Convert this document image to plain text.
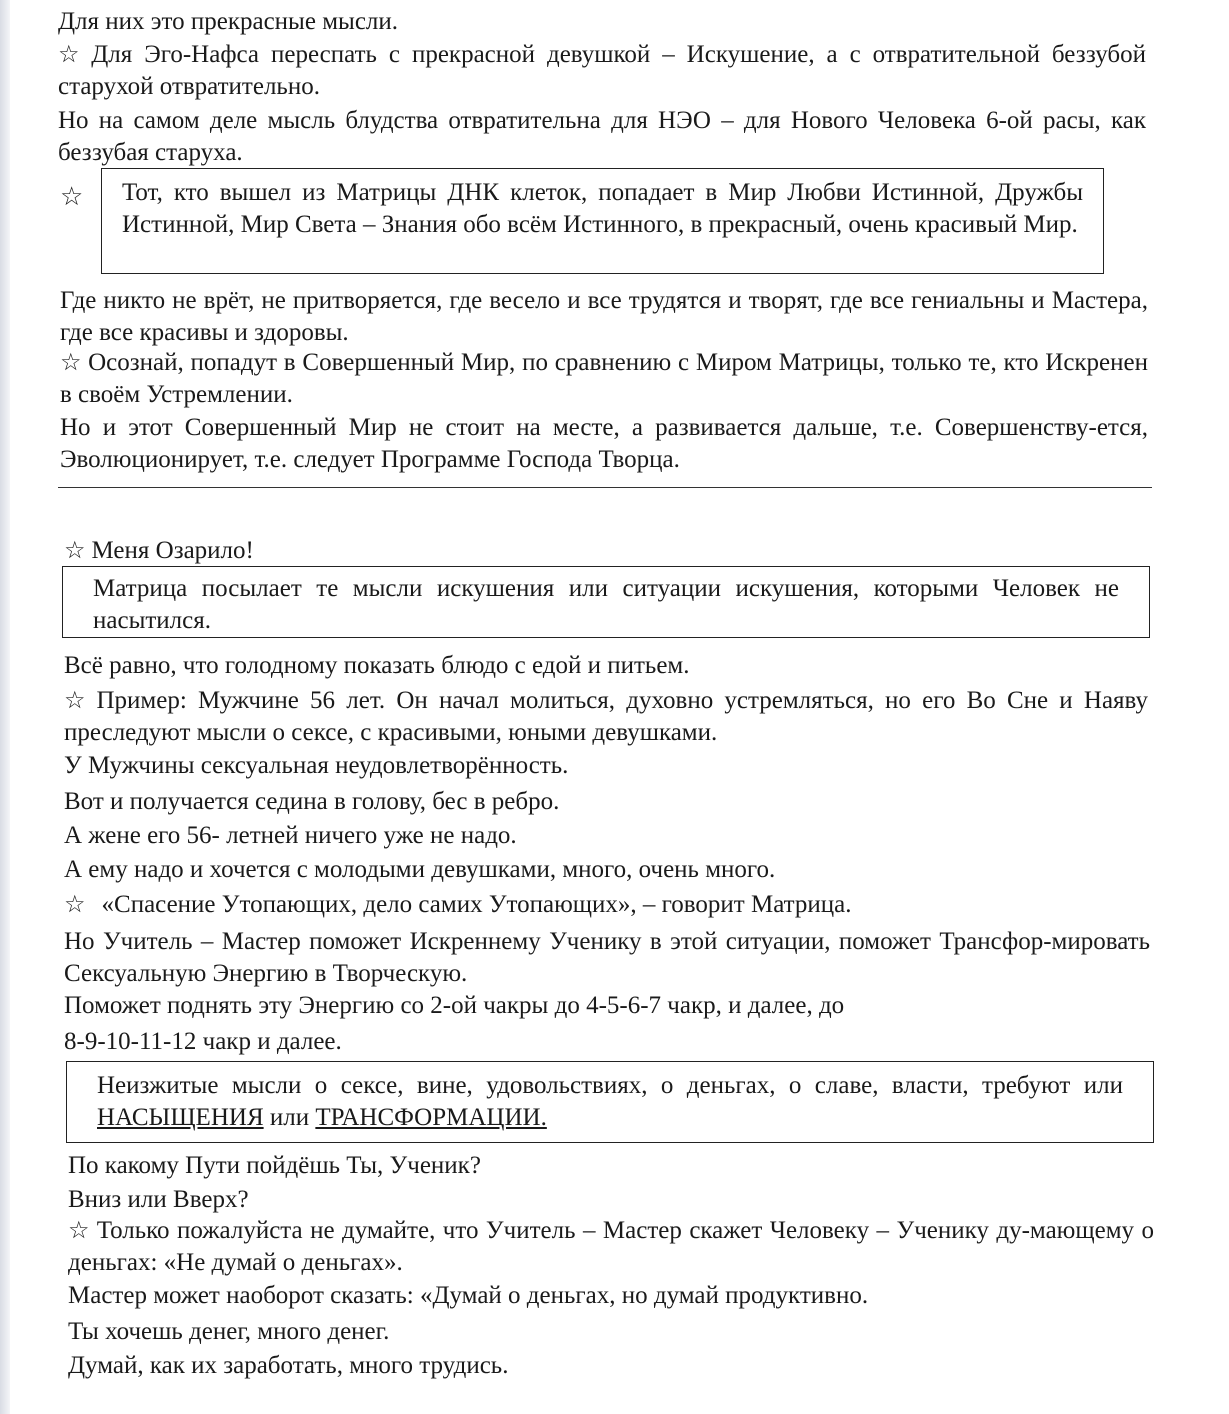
Для них это прекрасные мысли.

☆ Для Эго-Нафса переспать с прекрасной девушкой – Искушение, а с отвратительной беззубой старухой отвратительно.

Но на самом деле мысль блудства отвратительна для НЭО – для Нового Человека 6-ой расы, как беззубая старуха.

☆ Тот, кто вышел из Матрицы ДНК клеток, попадает в Мир Любви Истинной, Дружбы Истинной, Мир Света – Знания обо всём Истинного, в прекрасный, очень красивый Мир.

Где никто не врёт, не притворяется, где весело и все трудятся и творят, где все гениальны и Мастера, где все красивы и здоровы.

☆ Осознай, попадут в Совершенный Мир, по сравнению с Миром Матрицы, только те, кто Искренен в своём Устремлении.

Но и этот Совершенный Мир не стоит на месте, а развивается дальше, т.е. Совершенству-ется, Эволюционирует, т.е. следует Программе Господа Творца.

☆ Меня Озарило!

Матрица посылает те мысли искушения или ситуации искушения, которыми Человек не насытился.

Всё равно, что голодному показать блюдо с едой и питьем.

☆ Пример: Мужчине 56 лет. Он начал молиться, духовно устремляться, но его Во Сне и Наяву преследуют мысли о сексе, с красивыми, юными девушками.

У Мужчины сексуальная неудовлетворённость.

Вот и получается седина в голову, бес в ребро.

А жене его 56- летней ничего уже не надо.

А ему надо и хочется с молодыми девушками, много, очень много.

☆ «Спасение Утопающих, дело самих Утопающих», – говорит Матрица.

Но Учитель – Мастер поможет Искреннему Ученику в этой ситуации, поможет Трансфор-мировать Сексуальную Энергию в Творческую.

Поможет поднять эту Энергию со 2-ой чакры до 4-5-6-7 чакр, и далее, до

8-9-10-11-12 чакр и далее.

Неизжитые мысли о сексе, вине, удовольствиях, о деньгах, о славе, власти, требуют или НАСЫЩЕНИЯ или ТРАНСФОРМАЦИИ.

По какому Пути пойдёшь Ты, Ученик?

Вниз или Вверх?

☆ Только пожалуйста не думайте, что Учитель – Мастер скажет Человеку – Ученику ду-мающему о деньгах: «Не думай о деньгах».

Мастер может наоборот сказать: «Думай о деньгах, но думай продуктивно.

Ты хочешь денег, много денег.

Думай, как их заработать, много трудись.
